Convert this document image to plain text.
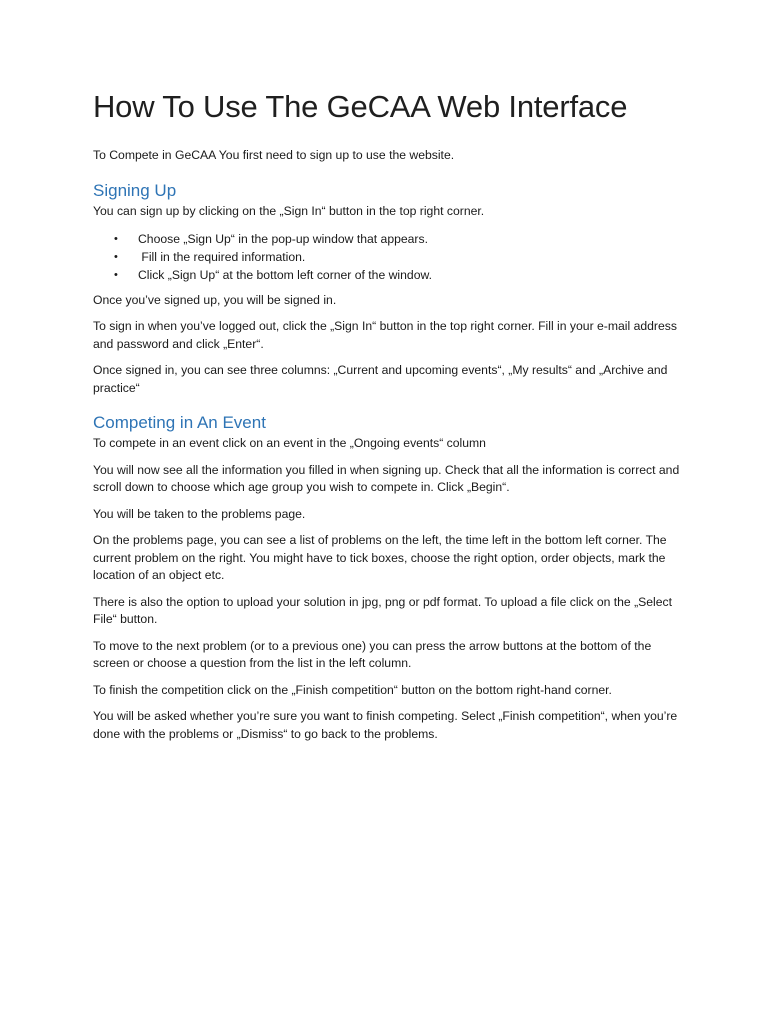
How To Use The GeCAA Web Interface

To Compete in GeCAA You first need to sign up to use the website.

Signing Up

You can sign up by clicking on the „Sign In“ button in the top right corner.

•	Choose „Sign Up“ in the pop-up window that appears.
•	Fill in the required information.
•	Click „Sign Up“ at the bottom left corner of the window.

Once you’ve signed up, you will be signed in.

To sign in when you’ve logged out, click the „Sign In“ button in the top right corner. Fill in your e-mail address and password and click „Enter“.

Once signed in, you can see three columns: „Current and upcoming events“, „My results“ and „Archive and practice“

Competing in An Event

To compete in an event click on an event in the „Ongoing events“ column

You will now see all the information you filled in when signing up. Check that all the information is correct and scroll down to choose which age group you wish to compete in. Click „Begin“.

You will be taken to the problems page.

On the problems page, you can see a list of problems on the left, the time left in the bottom left corner. The current problem on the right. You might have to tick boxes, choose the right option, order objects, mark the location of an object etc.

There is also the option to upload your solution in jpg, png or pdf format. To upload a file click on the „Select File“ button.

To move to the next problem (or to a previous one) you can press the arrow buttons at the bottom of the screen or choose a question from the list in the left column.

To finish the competition click on the „Finish competition“ button on the bottom right-hand corner.

You will be asked whether you’re sure you want to finish competing. Select „Finish competition“, when you’re done with the problems or „Dismiss“ to go back to the problems.
